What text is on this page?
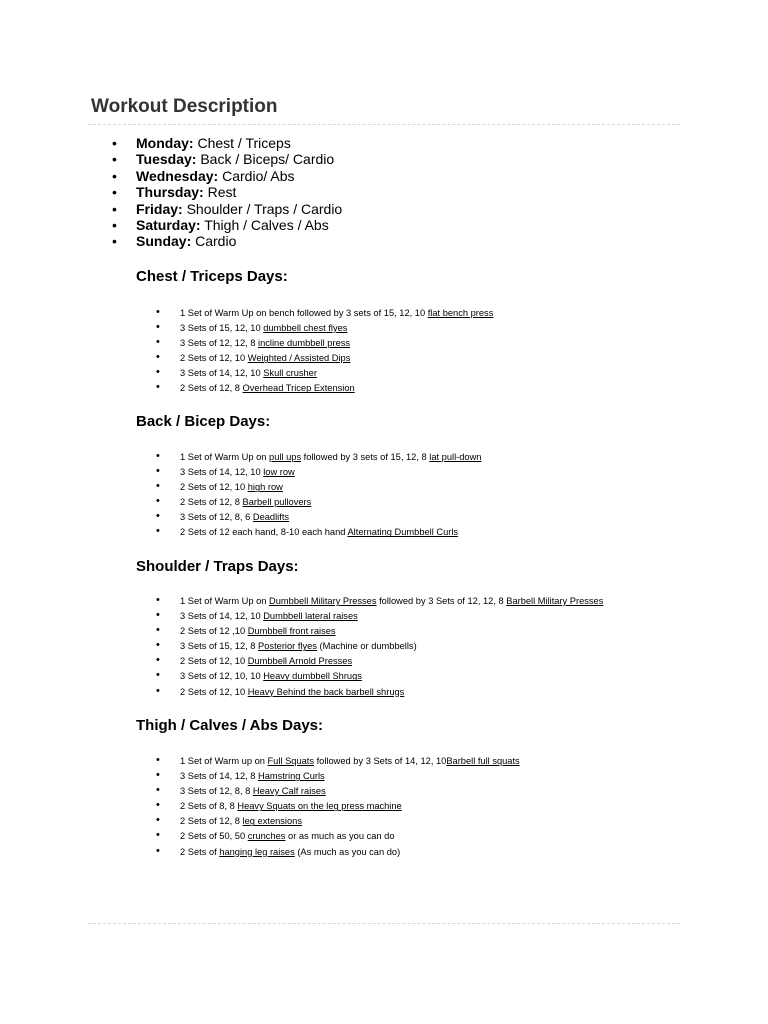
Workout Description
• Monday: Chest / Triceps
• Tuesday: Back / Biceps/ Cardio
• Wednesday: Cardio/ Abs
• Thursday: Rest
• Friday: Shoulder / Traps / Cardio
• Saturday: Thigh / Calves / Abs
• Sunday: Cardio
Chest / Triceps Days:
• 1 Set of Warm Up on bench followed by 3 sets of 15, 12, 10 flat bench press
• 3 Sets of 15, 12, 10 dumbbell chest flyes
• 3 Sets of 12, 12, 8 incline dumbbell press
• 2 Sets of 12, 10 Weighted / Assisted Dips
• 3 Sets of 14, 12, 10 Skull crusher
• 2 Sets of 12, 8 Overhead Tricep Extension
Back / Bicep Days:
• 1 Set of Warm Up on pull ups followed by 3 sets of 15, 12, 8 lat pull-down
• 3 Sets of 14, 12, 10 low row
• 2 Sets of 12, 10 high row
• 2 Sets of 12, 8 Barbell pullovers
• 3 Sets of 12, 8, 6 Deadlifts
• 2 Sets of 12 each hand, 8-10 each hand Alternating Dumbbell Curls
Shoulder / Traps Days:
• 1 Set of Warm Up on Dumbbell Military Presses followed by 3 Sets of 12, 12, 8 Barbell Military Presses
• 3 Sets of 14, 12, 10 Dumbbell lateral raises
• 2 Sets of 12 ,10 Dumbbell front raises
• 3 Sets of 15, 12, 8 Posterior flyes (Machine or dumbbells)
• 2 Sets of 12, 10 Dumbbell Arnold Presses
• 3 Sets of 12, 10, 10 Heavy dumbbell Shrugs
• 2 Sets of 12, 10 Heavy Behind the back barbell shrugs
Thigh / Calves / Abs Days:
• 1 Set of Warm up on Full Squats followed by 3 Sets of 14, 12, 10Barbell full squats
• 3 Sets of 14, 12, 8 Hamstring Curls
• 3 Sets of 12, 8, 8 Heavy Calf raises
• 2 Sets of 8, 8 Heavy Squats on the leg press machine
• 2 Sets of 12, 8 leg extensions
• 2 Sets of 50, 50 crunches or as much as you can do
• 2 Sets of hanging leg raises (As much as you can do)
